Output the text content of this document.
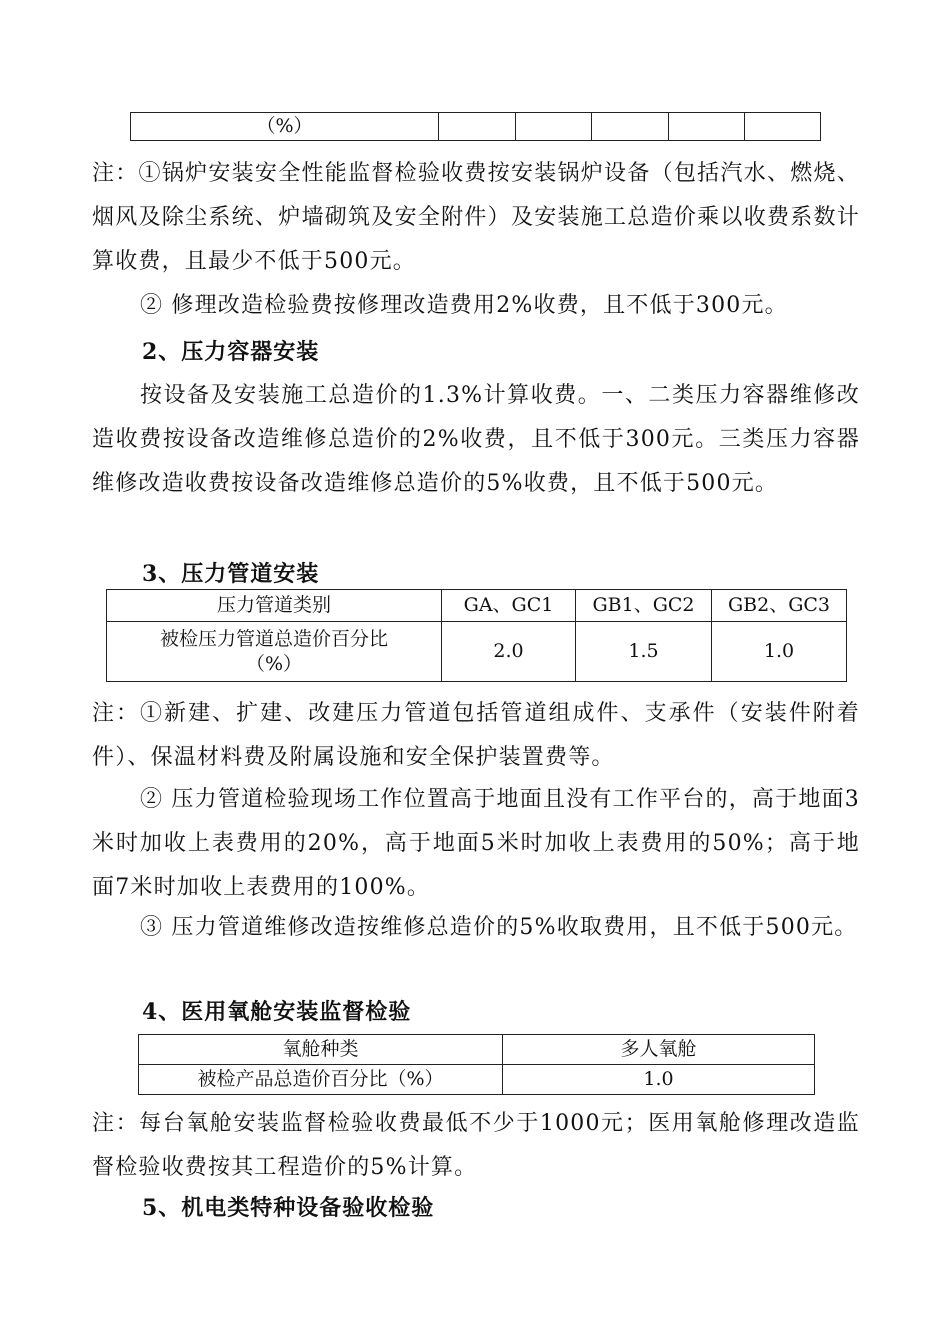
（%）					

注：①锅炉安装安全性能监督检验收费按安装锅炉设备（包括汽水、燃烧、烟风及除尘系统、炉墙砌筑及安全附件）及安装施工总造价乘以收费系数计算收费，且最少不低于500元。

② 修理改造检验费按修理改造费用2%收费，且不低于300元。

2、压力容器安装

按设备及安装施工总造价的1.3%计算收费。一、二类压力容器维修改造收费按设备改造维修总造价的2%收费，且不低于300元。三类压力容器维修改造收费按设备改造维修总造价的5%收费，且不低于500元。

3、压力管道安装

压力管道类别	GA、GC1	GB1、GC2	GB2、GC3
被检压力管道总造价百分比（%）	2.0	1.5	1.0

注：①新建、扩建、改建压力管道包括管道组成件、支承件（安装件附着件）、保温材料费及附属设施和安全保护装置费等。

② 压力管道检验现场工作位置高于地面且没有工作平台的，高于地面3米时加收上表费用的20%，高于地面5米时加收上表费用的50%；高于地面7米时加收上表费用的100%。

③ 压力管道维修改造按维修总造价的5%收取费用，且不低于500元。

4、医用氧舱安装监督检验

氧舱种类	多人氧舱
被检产品总造价百分比（%）	1.0

注：每台氧舱安装监督检验收费最低不少于1000元；医用氧舱修理改造监督检验收费按其工程造价的5%计算。

5、机电类特种设备验收检验
